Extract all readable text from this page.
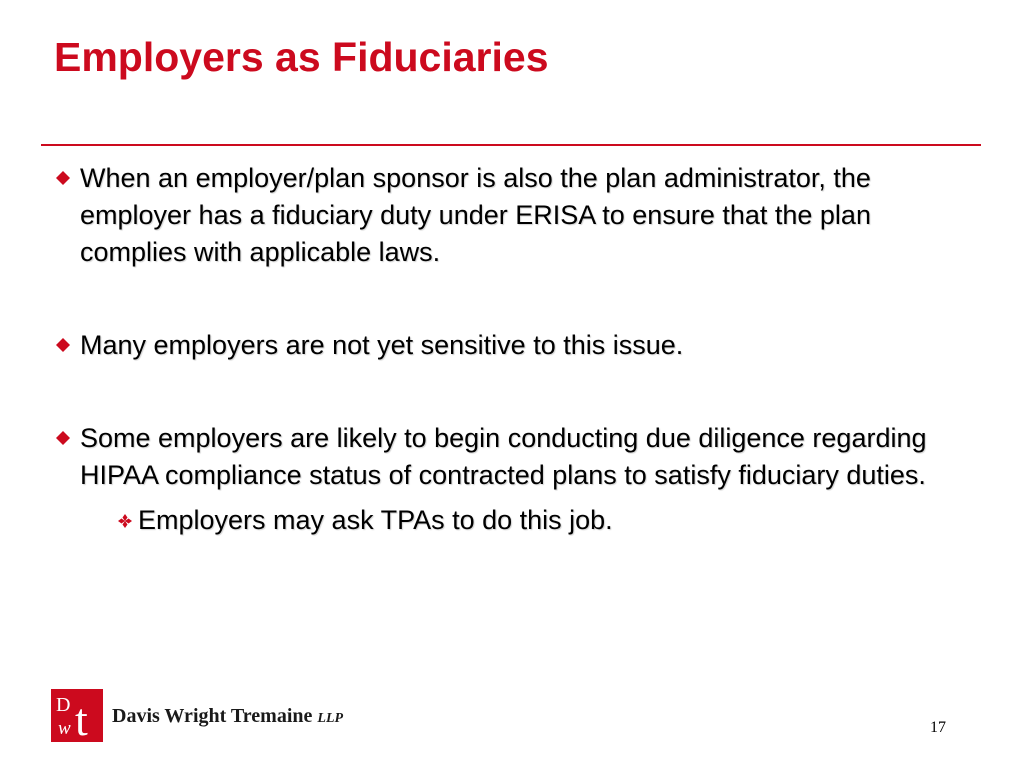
Employers as Fiduciaries
When an employer/plan sponsor is also the plan administrator, the employer has a fiduciary duty under ERISA to ensure that the plan complies with applicable laws.
Many employers are not yet sensitive to this issue.
Some employers are likely to begin conducting due diligence regarding HIPAA compliance status of contracted plans to satisfy fiduciary duties.
Employers may ask TPAs to do this job.
D
w t Davis Wright Tremaine LLP
17
